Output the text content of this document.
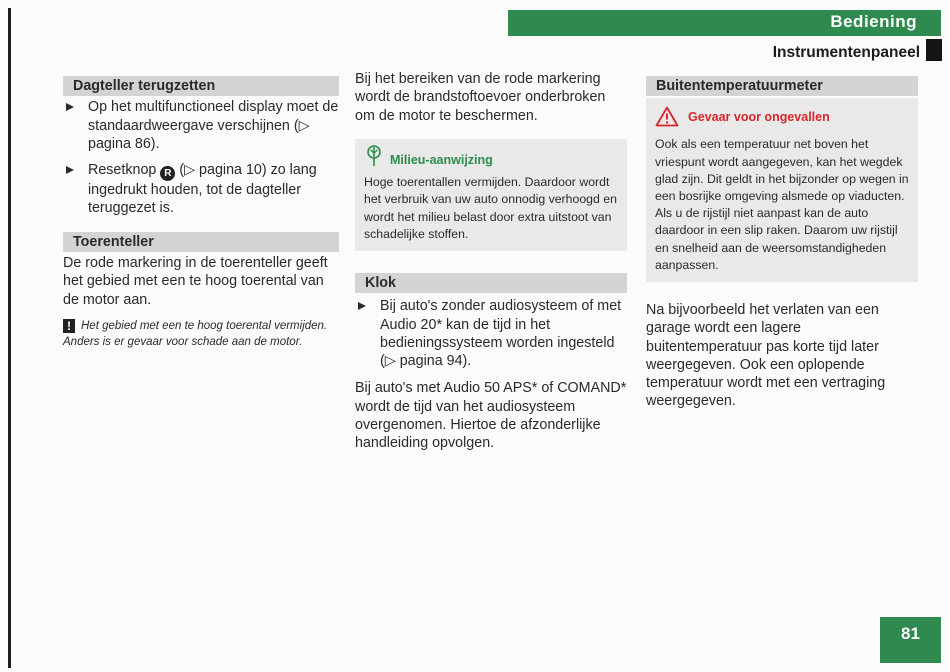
Bediening
Instrumentenpaneel
Dagteller terugzetten
Op het multifunctioneel display moet de standaardweergave verschijnen (▷ pagina 86).
Resetknop R (▷ pagina 10) zo lang ingedrukt houden, tot de dagteller teruggezet is.
Toerenteller
De rode markering in de toerenteller geeft het gebied met een te hoog toerental van de motor aan.
! Het gebied met een te hoog toerental vermijden. Anders is er gevaar voor schade aan de motor.
Bij het bereiken van de rode markering wordt de brandstoftoevoer onderbroken om de motor te beschermen.
Milieu-aanwijzing
Hoge toerentallen vermijden. Daardoor wordt het verbruik van uw auto onnodig verhoogd en wordt het milieu belast door extra uitstoot van schadelijke stoffen.
Klok
Bij auto's zonder audiosysteem of met Audio 20* kan de tijd in het bedieningssysteem worden ingesteld (▷ pagina 94).
Bij auto's met Audio 50 APS* of COMAND* wordt de tijd van het audiosysteem overgenomen. Hiertoe de afzonderlijke handleiding opvolgen.
Buitentemperatuurmeter
Gevaar voor ongevallen
Ook als een temperatuur net boven het vriespunt wordt aangegeven, kan het wegdek glad zijn. Dit geldt in het bijzonder op wegen in een bosrijke omgeving alsmede op viaducten. Als u de rijstijl niet aanpast kan de auto daardoor in een slip raken. Daarom uw rijstijl en snelheid aan de weersomstandigheden aanpassen.
Na bijvoorbeeld het verlaten van een garage wordt een lagere buitentemperatuur pas korte tijd later weergegeven. Ook een oplopende temperatuur wordt met een vertraging weergegeven.
81
